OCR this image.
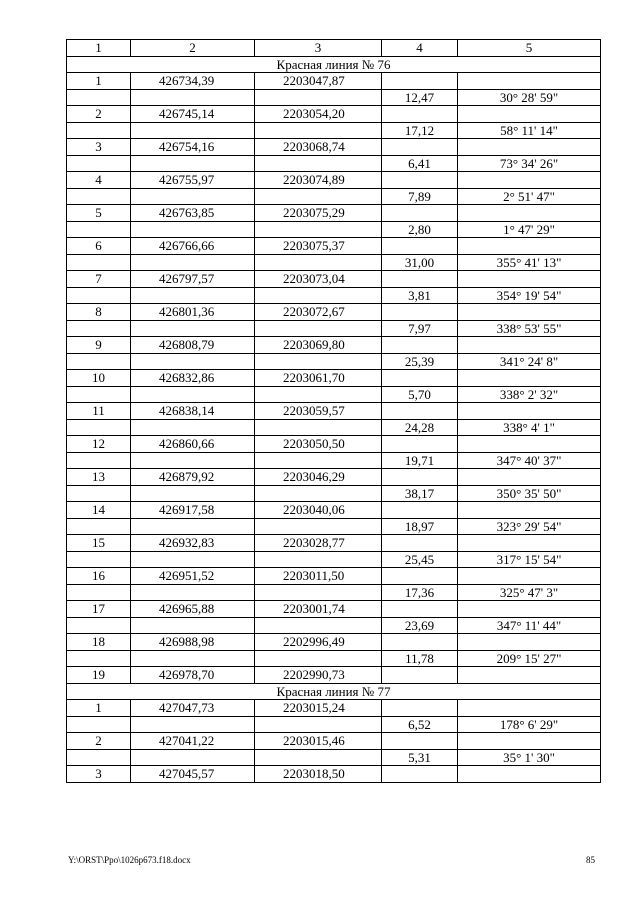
1	2	3	4	5
Красная линия № 76				
1	426734,39	2203047,87		
			12,47	30° 28' 59"
2	426745,14	2203054,20		
			17,12	58° 11' 14"
3	426754,16	2203068,74		
			6,41	73° 34' 26"
4	426755,97	2203074,89		
			7,89	2° 51' 47"
5	426763,85	2203075,29		
			2,80	1° 47' 29"
6	426766,66	2203075,37		
			31,00	355° 41' 13"
7	426797,57	2203073,04		
			3,81	354° 19' 54"
8	426801,36	2203072,67		
			7,97	338° 53' 55"
9	426808,79	2203069,80		
			25,39	341° 24' 8"
10	426832,86	2203061,70		
			5,70	338° 2' 32"
11	426838,14	2203059,57		
			24,28	338° 4' 1"
12	426860,66	2203050,50		
			19,71	347° 40' 37"
13	426879,92	2203046,29		
			38,17	350° 35' 50"
14	426917,58	2203040,06		
			18,97	323° 29' 54"
15	426932,83	2203028,77		
			25,45	317° 15' 54"
16	426951,52	2203011,50		
			17,36	325° 47' 3"
17	426965,88	2203001,74		
			23,69	347° 11' 44"
18	426988,98	2202996,49		
			11,78	209° 15' 27"
19	426978,70	2202990,73		
Красная линия № 77				
1	427047,73	2203015,24		
			6,52	178° 6' 29"
2	427041,22	2203015,46		
			5,31	35° 1' 30"
3	427045,57	2203018,50		
Y:\ORST\Ppo\1026p673.f18.docx	85
